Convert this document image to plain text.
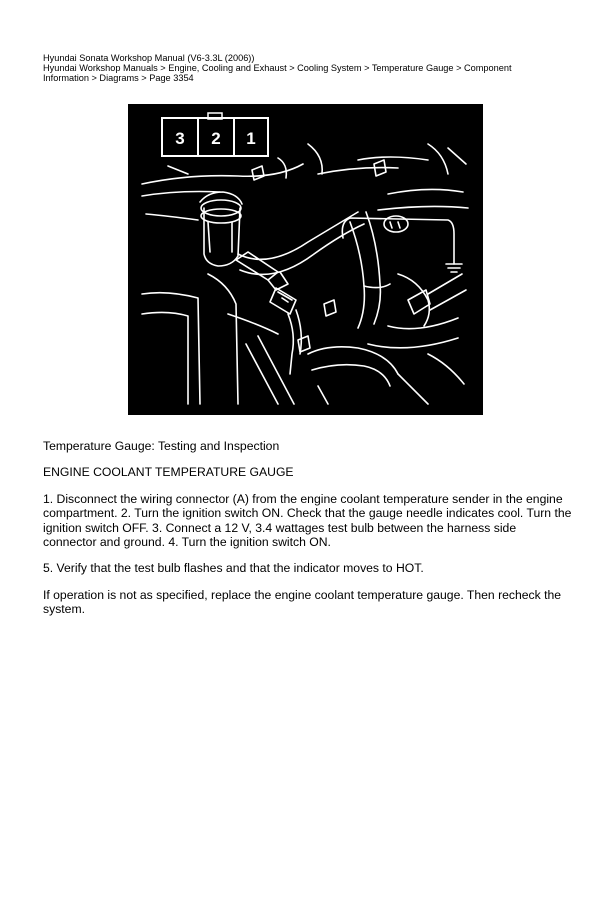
Hyundai Sonata Workshop Manual (V6-3.3L (2006))
Hyundai Workshop Manuals > Engine, Cooling and Exhaust > Cooling System > Temperature Gauge > Component
Information > Diagrams > Page 3354
3 2 1

Temperature Gauge: Testing and Inspection

ENGINE COOLANT TEMPERATURE GAUGE

1. Disconnect the wiring connector (A) from the engine coolant temperature sender in the engine compartment. 2. Turn the ignition switch ON. Check that the gauge needle indicates cool. Turn the ignition switch OFF. 3. Connect a 12 V, 3.4 wattages test bulb between the harness side connector and ground. 4. Turn the ignition switch ON.

5. Verify that the test bulb flashes and that the indicator moves to HOT.

If operation is not as specified, replace the engine coolant temperature gauge. Then recheck the system.
